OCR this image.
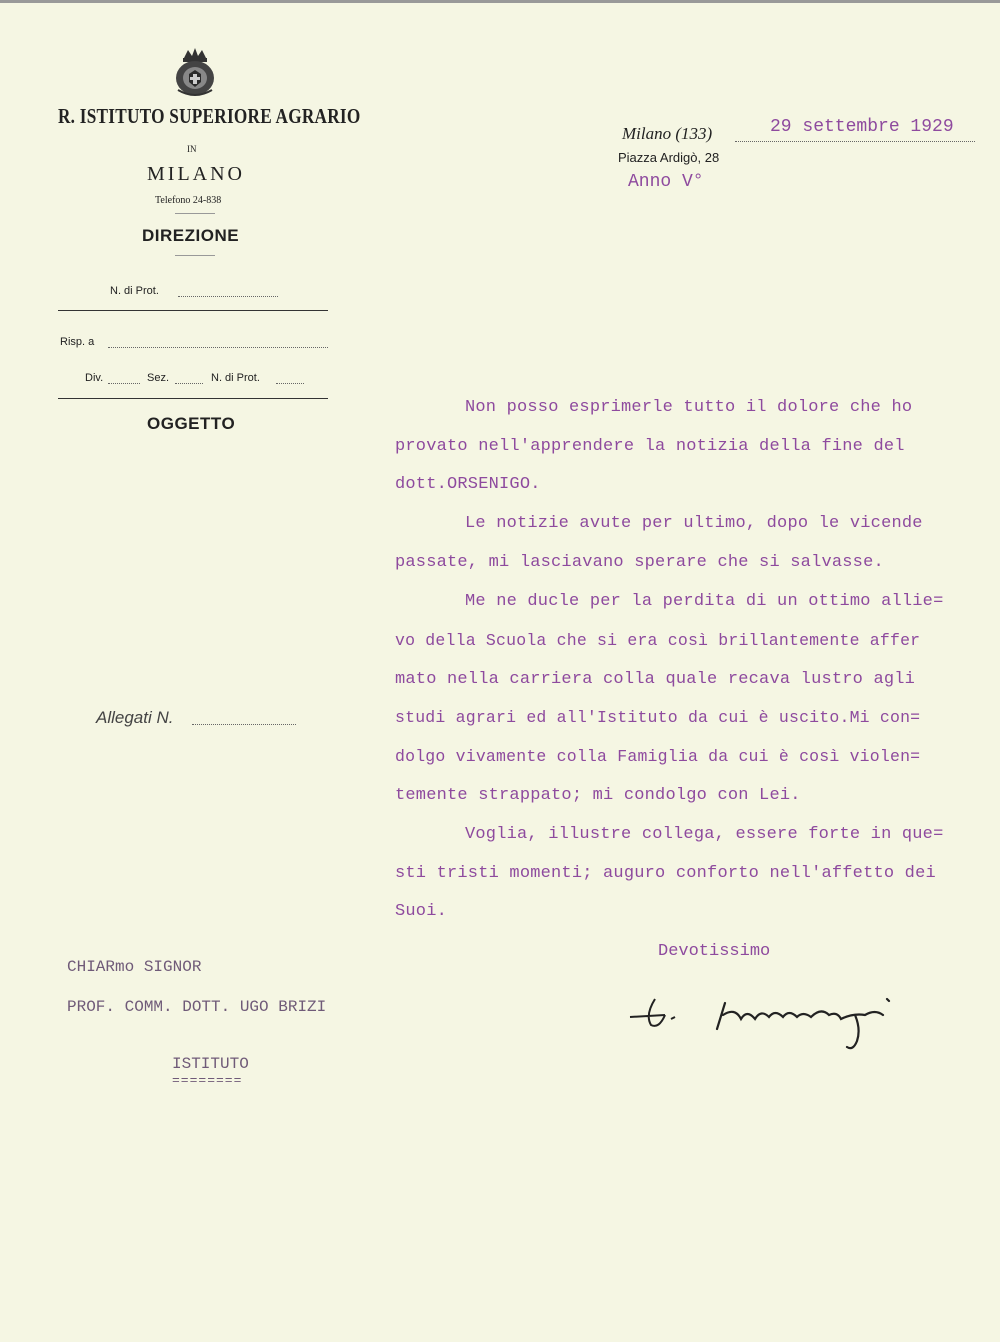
R. ISTITUTO SUPERIORE AGRARIO
IN
MILANO
Telefono 24-838
DIREZIONE
N. di Prot.
Risp. a
Div.	Sez.	N. di Prot.
OGGETTO
Allegati N.
Milano (133)
Piazza Ardigò, 28
29 settembre 1929
Anno V°
Non posso esprimerle tutto il dolore che ho
provato nell'apprendere la notizia della fine del
dott.ORSENIGO.
Le notizie avute per ultimo, dopo le vicende
passate, mi lasciavano sperare che si salvasse.
Me ne ducle per la perdita di un ottimo allie=
vo della Scuola che si era così brillantemente affer
mato nella carriera colla quale recava lustro agli
studi agrari ed all'Istituto da cui è uscito.Mi con=
dolgo vivamente colla Famiglia da cui è così violen=
temente strappato; mi condolgo con Lei.
Voglia, illustre collega, essere forte in que=
sti tristi momenti; auguro conforto nell'affetto dei
Suoi.
Devotissimo
CHIARmo SIGNOR
PROF. COMM. DOTT. UGO BRIZI
ISTITUTO
========
